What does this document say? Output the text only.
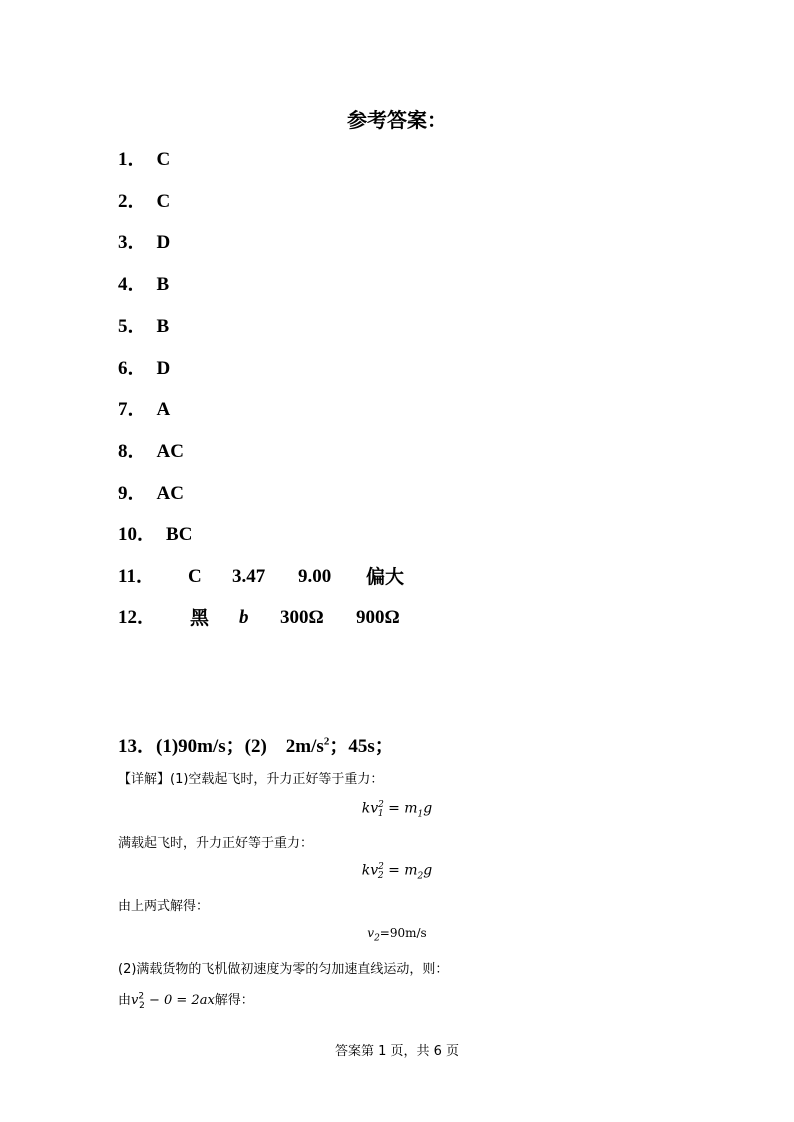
参考答案：
1． C
2． C
3． D
4． B
5． B
6． D
7． A
8． AC
9． AC
10． BC
11． C 3.47 9.00 偏大
12． 黑 b 300Ω 900Ω
13．(1)90m/s；(2)　$2m/s^2$；45s；
【详解】(1)空载起飞时，升力正好等于重力：
$kv^2_1 = m_1g$
满载起飞时，升力正好等于重力：
$kv^2_2 = m_2g$
由上两式解得：
$v_2=90m/s$
(2)满载货物的飞机做初速度为零的匀加速直线运动，则：
由$v^2_2 - 0 = 2ax$解得：
答案第 1 页，共 6 页
